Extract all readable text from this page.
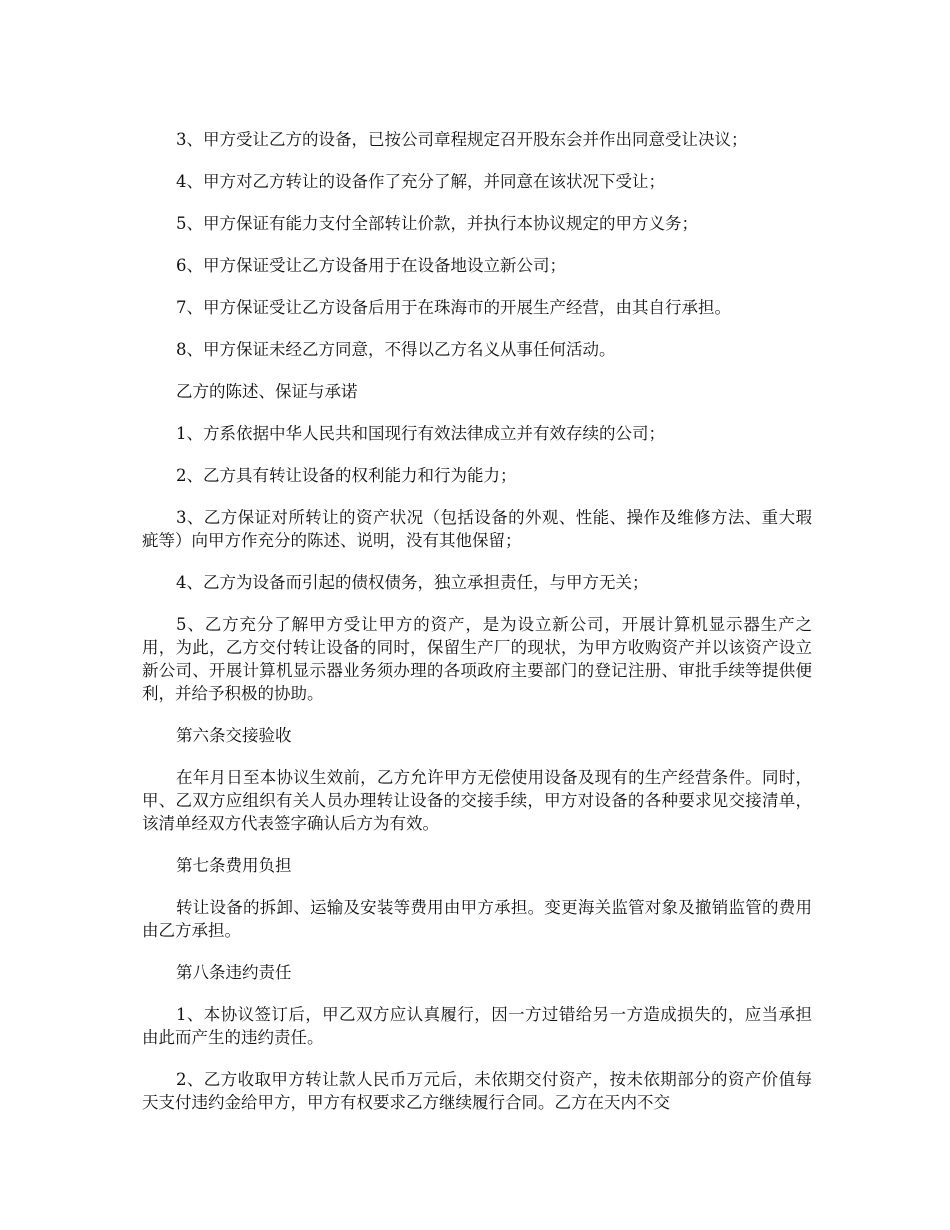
3、甲方受让乙方的设备，已按公司章程规定召开股东会并作出同意受让决议；

4、甲方对乙方转让的设备作了充分了解，并同意在该状况下受让；

5、甲方保证有能力支付全部转让价款，并执行本协议规定的甲方义务；

6、甲方保证受让乙方设备用于在设备地设立新公司；

7、甲方保证受让乙方设备后用于在珠海市的开展生产经营，由其自行承担。

8、甲方保证未经乙方同意，不得以乙方名义从事任何活动。

乙方的陈述、保证与承诺

1、方系依据中华人民共和国现行有效法律成立并有效存续的公司；

2、乙方具有转让设备的权利能力和行为能力；

3、乙方保证对所转让的资产状况（包括设备的外观、性能、操作及维修方法、重大瑕疵等）向甲方作充分的陈述、说明，没有其他保留；

4、乙方为设备而引起的债权债务，独立承担责任，与甲方无关；

5、乙方充分了解甲方受让甲方的资产，是为设立新公司，开展计算机显示器生产之用，为此，乙方交付转让设备的同时，保留生产厂的现状，为甲方收购资产并以该资产设立新公司、开展计算机显示器业务须办理的各项政府主要部门的登记注册、审批手续等提供便利，并给予积极的协助。

第六条交接验收

在年月日至本协议生效前，乙方允许甲方无偿使用设备及现有的生产经营条件。同时，甲、乙双方应组织有关人员办理转让设备的交接手续，甲方对设备的各种要求见交接清单，该清单经双方代表签字确认后方为有效。

第七条费用负担

转让设备的拆卸、运输及安装等费用由甲方承担。变更海关监管对象及撤销监管的费用由乙方承担。

第八条违约责任

1、本协议签订后，甲乙双方应认真履行，因一方过错给另一方造成损失的，应当承担由此而产生的违约责任。

2、乙方收取甲方转让款人民币万元后，未依期交付资产，按未依期部分的资产价值每天支付违约金给甲方，甲方有权要求乙方继续履行合同。乙方在天内不交
